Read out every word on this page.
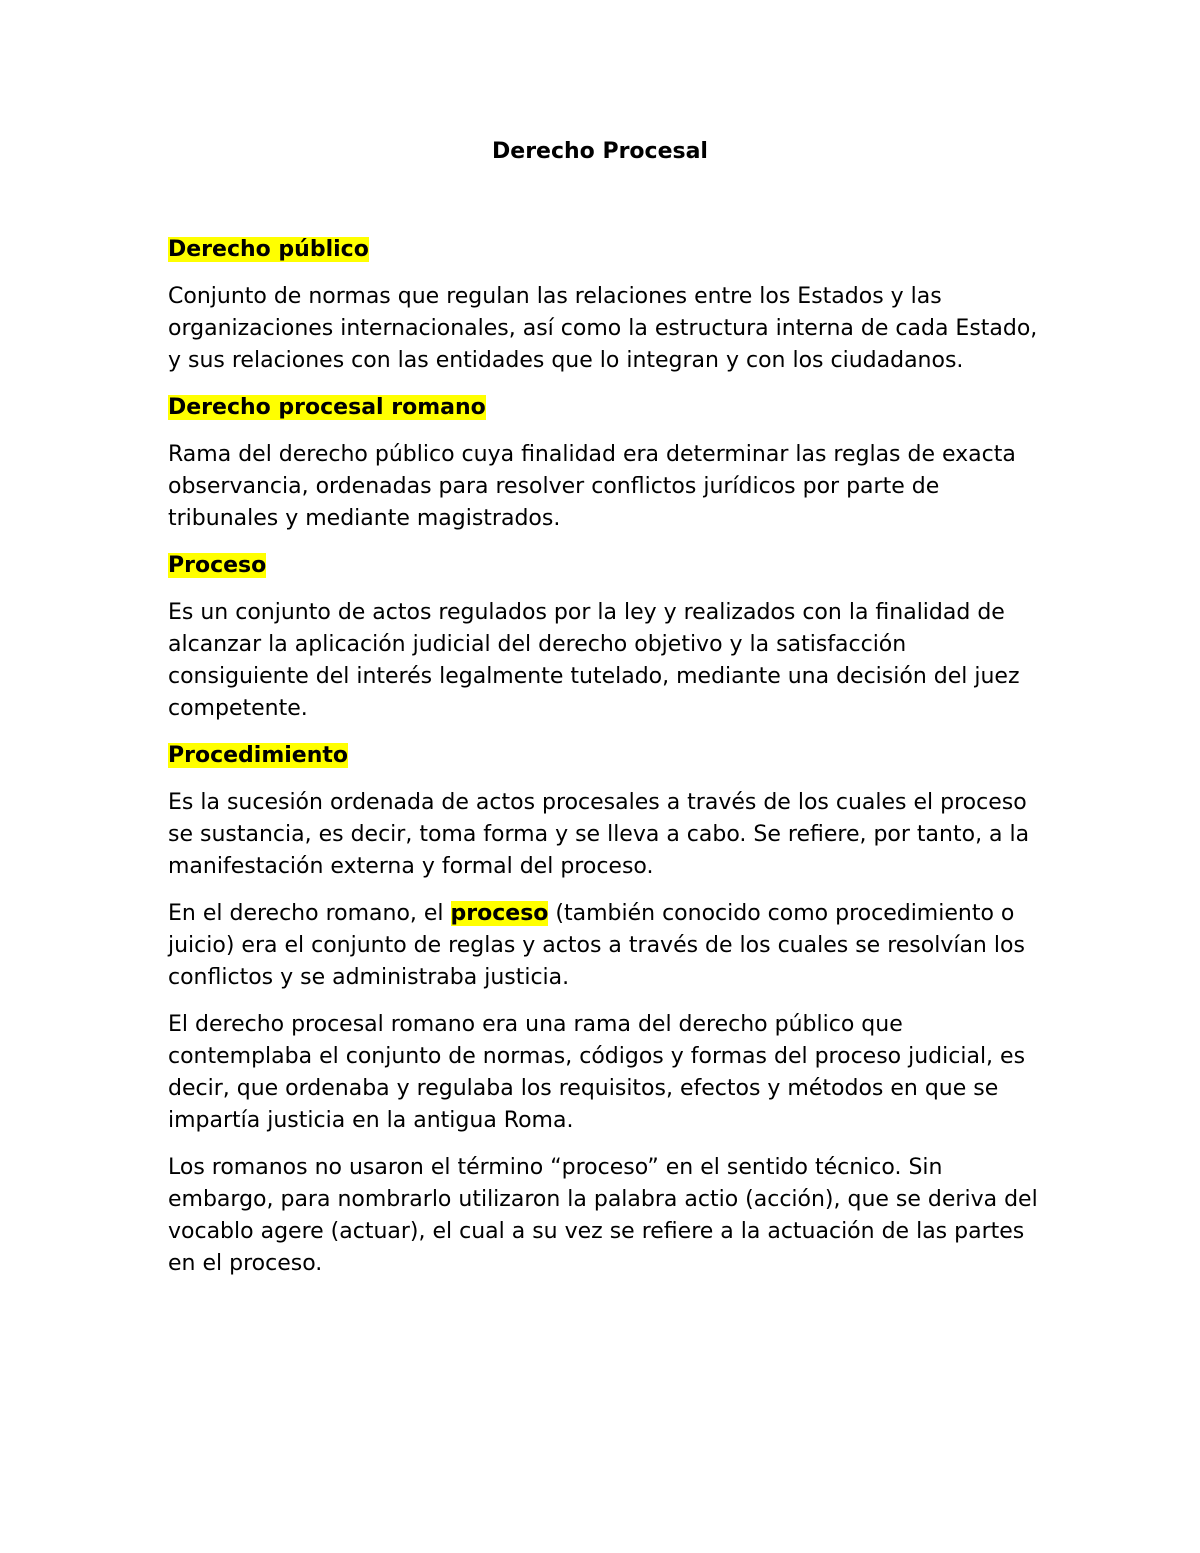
Derecho Procesal
Derecho público

Conjunto de normas que regulan las relaciones entre los Estados y las organizaciones internacionales, así como la estructura interna de cada Estado, y sus relaciones con las entidades que lo integran y con los ciudadanos.

Derecho procesal romano

Rama del derecho público cuya finalidad era determinar las reglas de exacta observancia, ordenadas para resolver conflictos jurídicos por parte de tribunales y mediante magistrados.

Proceso

Es un conjunto de actos regulados por la ley y realizados con la finalidad de alcanzar la aplicación judicial del derecho objetivo y la satisfacción consiguiente del interés legalmente tutelado, mediante una decisión del juez competente.

Procedimiento

Es la sucesión ordenada de actos procesales a través de los cuales el proceso se sustancia, es decir, toma forma y se lleva a cabo. Se refiere, por tanto, a la manifestación externa y formal del proceso.

En el derecho romano, el proceso (también conocido como procedimiento o juicio) era el conjunto de reglas y actos a través de los cuales se resolvían los conflictos y se administraba justicia.

El derecho procesal romano era una rama del derecho público que contemplaba el conjunto de normas, códigos y formas del proceso judicial, es decir, que ordenaba y regulaba los requisitos, efectos y métodos en que se impartía justicia en la antigua Roma.

Los romanos no usaron el término “proceso” en el sentido técnico. Sin embargo, para nombrarlo utilizaron la palabra actio (acción), que se deriva del vocablo agere (actuar), el cual a su vez se refiere a la actuación de las partes en el proceso.
